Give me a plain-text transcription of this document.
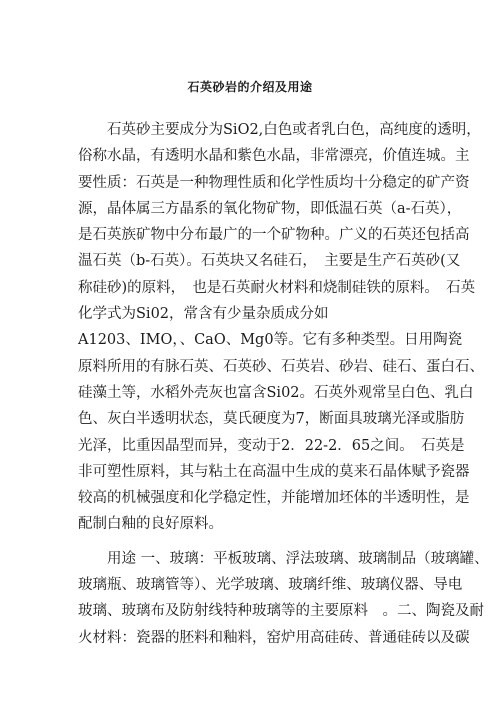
石英砂岩的介绍及用途
石英砂主要成分为SiO2,白色或者乳白色，高纯度的透明，
俗称水晶，有透明水晶和紫色水晶，非常漂亮，价值连城。主
要性质：石英是一种物理性质和化学性质均十分稳定的矿产资
源，晶体属三方晶系的氧化物矿物，即低温石英（a-石英），
是石英族矿物中分布最广的一个矿物种。广义的石英还包括高
温石英（b-石英）。石英块又名硅石，　主要是生产石英砂(又
称硅砂)的原料，　也是石英耐火材料和烧制硅铁的原料。　石英
化学式为Si02，常含有少量杂质成分如
A1203、IMO，、CaO、Mg0等。它有多种类型。日用陶瓷
原料所用的有脉石英、石英砂、石英岩、砂岩、硅石、蛋白石、
硅藻土等，水稻外壳灰也富含Si02。石英外观常呈白色、乳白
色、灰白半透明状态，莫氏硬度为7，断面具玻璃光泽或脂肪
光泽，比重因晶型而异，变动于2．22-2．65之间。　石英是
非可塑性原料，其与粘土在高温中生成的莫来石晶体赋予瓷器
较高的机械强度和化学稳定性，并能增加坯体的半透明性，是
配制白釉的良好原料。
用途 一、玻璃：平板玻璃、浮法玻璃、玻璃制品（玻璃罐、
玻璃瓶、玻璃管等）、光学玻璃、玻璃纤维、玻璃仪器、导电
玻璃、玻璃布及防射线特种玻璃等的主要原料　。二、陶瓷及耐
火材料：瓷器的胚料和釉料，窑炉用高硅砖、普通硅砖以及碳
